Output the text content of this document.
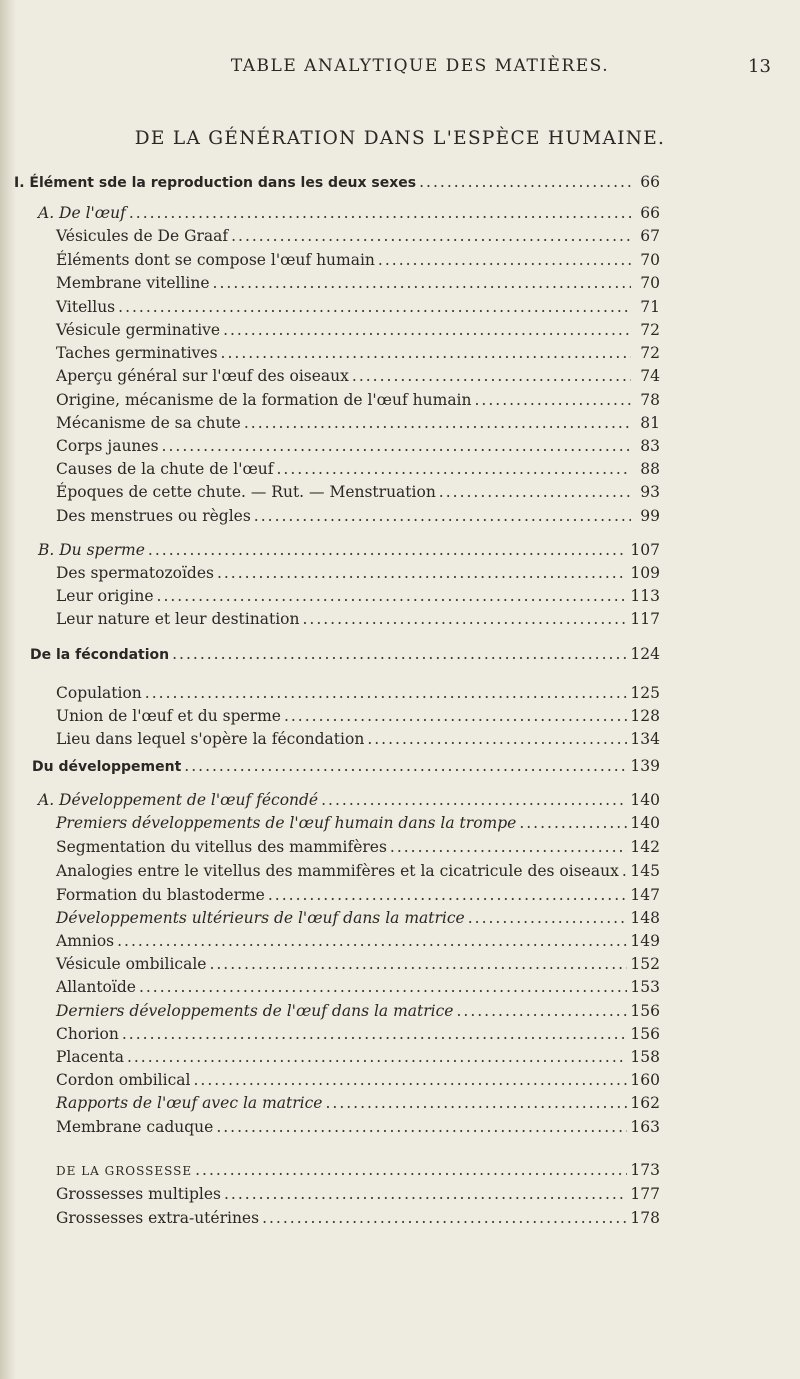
TABLE ANALYTIQUE DES MATIÈRES.	13
DE LA GÉNÉRATION DANS L'ESPÈCE HUMAINE.
I. Élément sde la reproduction dans les deux sexes .....	66
A. De l'œuf .....	66
Vésicules de De Graaf .....	67
Éléments dont se compose l'œuf humain .....	70
Membrane vitelline .....	70
Vitellus .....	71
Vésicule germinative .....	72
Taches germinatives .....	72
Aperçu général sur l'œuf des oiseaux .....	74
Origine, mécanisme de la formation de l'œuf humain .....	78
Mécanisme de sa chute .....	81
Corps jaunes .....	83
Causes de la chute de l'œuf .....	88
Époques de cette chute. — Rut. — Menstruation .....	93
Des menstrues ou règles .....	99
B. Du sperme .....	107
Des spermatozoïdes .....	109
Leur origine .....	113
Leur nature et leur destination .....	117
De la fécondation .....	124
Copulation .....	125
Union de l'œuf et du sperme .....	128
Lieu dans lequel s'opère la fécondation .....	134
Du développement .....	139
A. Développement de l'œuf fécondé .....	140
Premiers développements de l'œuf humain dans la trompe .....	140
Segmentation du vitellus des mammifères .....	142
Analogies entre le vitellus des mammifères et la cicatricule des oiseaux ..... 145
Formation du blastoderme .....	147
Développements ultérieurs de l'œuf dans la matrice .....	148
Amnios .....	149
Vésicule ombilicale .....	152
Allantoïde .....	153
Derniers développements de l'œuf dans la matrice .....	156
Chorion .....	156
Placenta .....	158
Cordon ombilical .....	160
Rapports de l'œuf avec la matrice .....	162
Membrane caduque .....	163
DE LA GROSSESSE .....	173
Grossesses multiples .....	177
Grossesses extra-utérines .....	178
